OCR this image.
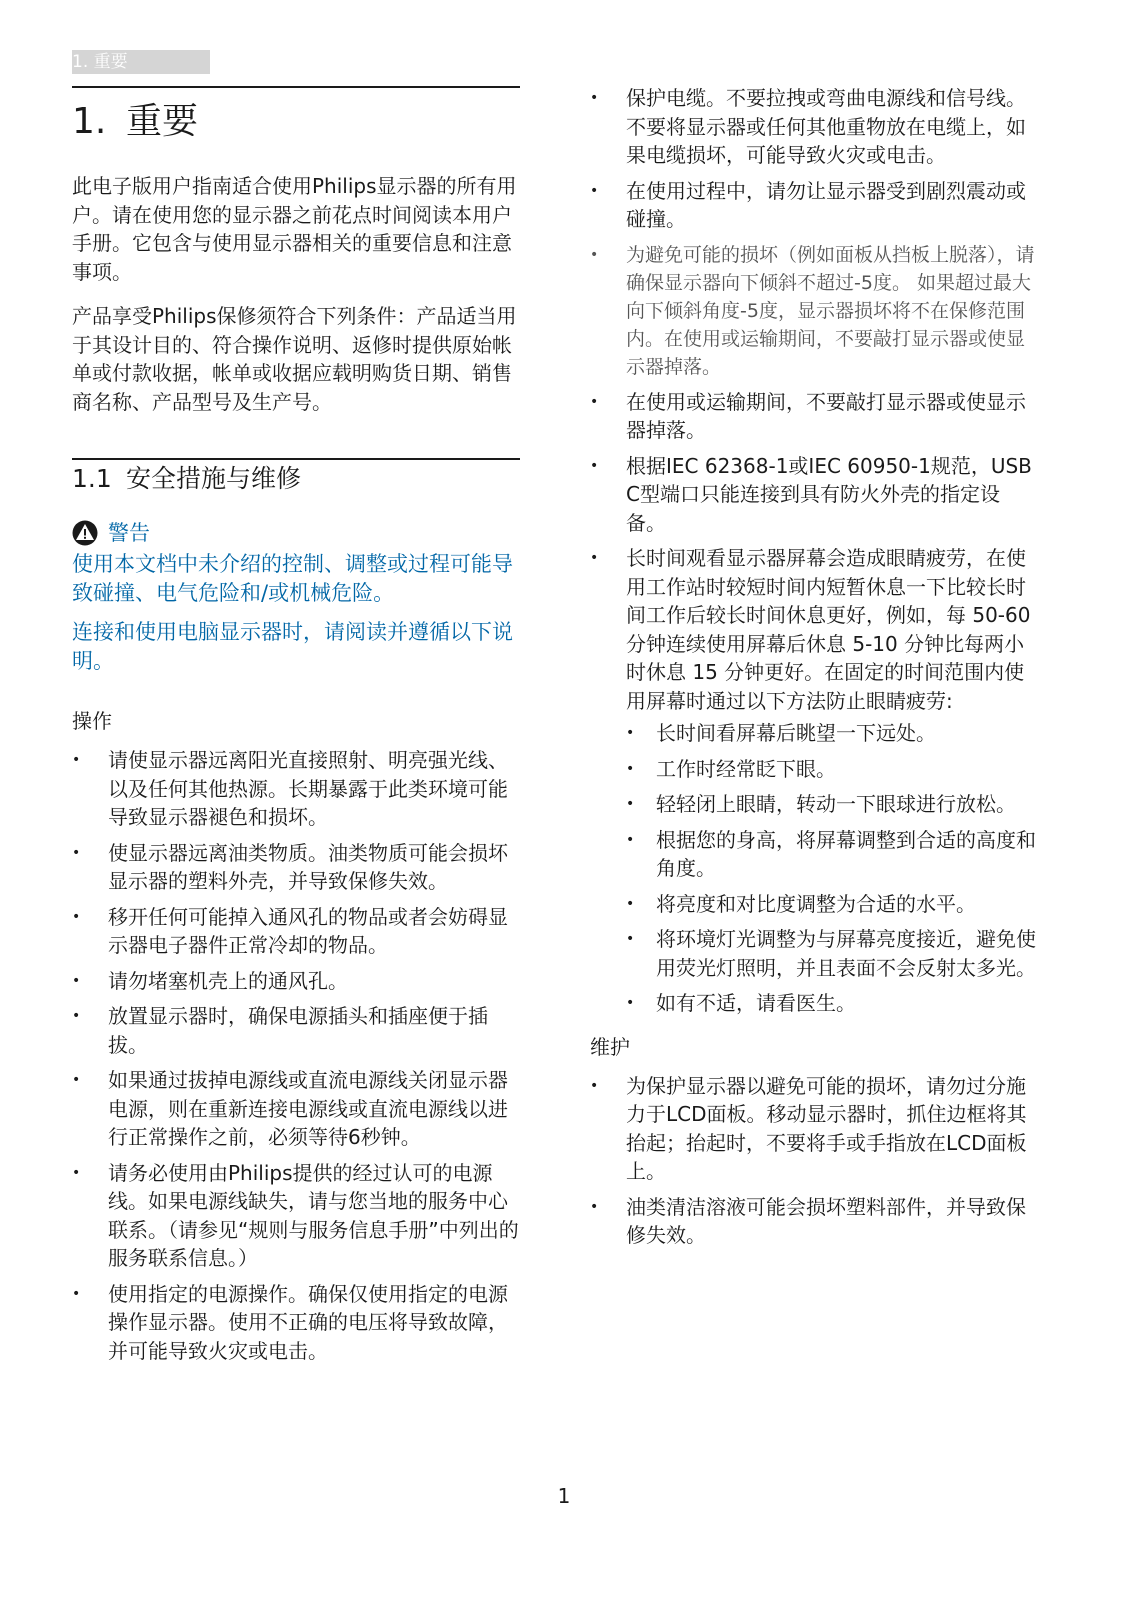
1. 重要
1. 重要

此电子版用户指南适合使用Philips显示器的所有用户。请在使用您的显示器之前花点时间阅读本用户手册。它包含与使用显示器相关的重要信息和注意事项。

产品享受Philips保修须符合下列条件：产品适当用于其设计目的、符合操作说明、返修时提供原始帐单或付款收据，帐单或收据应载明购货日期、销售商名称、产品型号及生产号。

1.1 安全措施与维修
警告

使用本文档中未介绍的控制、调整或过程可能导致碰撞、电气危险和/或机械危险。

连接和使用电脑显示器时，请阅读并遵循以下说明。

操作
• 请使显示器远离阳光直接照射、明亮强光线、以及任何其他热源。长期暴露于此类环境可能导致显示器褪色和损坏。
• 使显示器远离油类物质。油类物质可能会损坏显示器的塑料外壳，并导致保修失效。
• 移开任何可能掉入通风孔的物品或者会妨碍显示器电子器件正常冷却的物品。
• 请勿堵塞机壳上的通风孔。
• 放置显示器时，确保电源插头和插座便于插拔。
• 如果通过拔掉电源线或直流电源线关闭显示器电源，则在重新连接电源线或直流电源线以进行正常操作之前，必须等待6秒钟。
• 请务必使用由Philips提供的经过认可的电源线。如果电源线缺失，请与您当地的服务中心联系。（请参见“规则与服务信息手册”中列出的服务联系信息。）
• 使用指定的电源操作。确保仅使用指定的电源操作显示器。使用不正确的电压将导致故障，并可能导致火灾或电击。
• 保护电缆。不要拉拽或弯曲电源线和信号线。不要将显示器或任何其他重物放在电缆上，如果电缆损坏，可能导致火灾或电击。
• 在使用过程中，请勿让显示器受到剧烈震动或碰撞。
• 为避免可能的损坏（例如面板从挡板上脱落），请确保显示器向下倾斜不超过-5度。 如果超过最大向下倾斜角度-5度，显示器损坏将不在保修范围内。在使用或运输期间，不要敲打显示器或使显示器掉落。
• 在使用或运输期间，不要敲打显示器或使显示器掉落。
• 根据IEC 62368-1或IEC 60950-1规范，USB C型端口只能连接到具有防火外壳的指定设备。
• 长时间观看显示器屏幕会造成眼睛疲劳，在使用工作站时较短时间内短暂休息一下比较长时间工作后较长时间休息更好，例如，每 50-60 分钟连续使用屏幕后休息 5-10 分钟比每两小时休息 15 分钟更好。在固定的时间范围内使用屏幕时通过以下方法防止眼睛疲劳:
• 长时间看屏幕后眺望一下远处。
• 工作时经常眨下眼。
• 轻轻闭上眼睛，转动一下眼球进行放松。
• 根据您的身高，将屏幕调整到合适的高度和角度。
• 将亮度和对比度调整为合适的水平。
• 将环境灯光调整为与屏幕亮度接近，避免使用荧光灯照明，并且表面不会反射太多光。
• 如有不适，请看医生。
维护
• 为保护显示器以避免可能的损坏，请勿过分施力于LCD面板。移动显示器时，抓住边框将其抬起；抬起时，不要将手或手指放在LCD面板上。
• 油类清洁溶液可能会损坏塑料部件，并导致保修失效。
1
